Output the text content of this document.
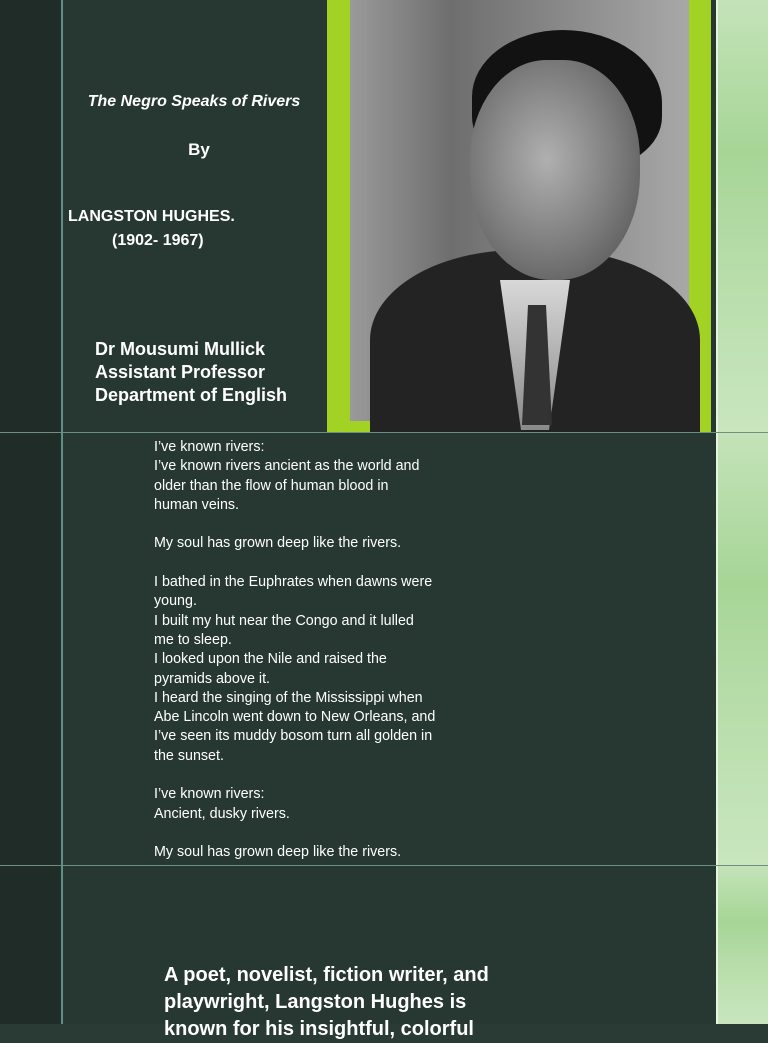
The Negro Speaks of Rivers
By
LANGSTON HUGHES.
(1902- 1967)
Dr Mousumi Mullick
Assistant Professor
Department of English
I’ve known rivers:
I’ve known rivers ancient as the world and
older than the flow of human blood in
human veins.
My soul has grown deep like the rivers.
I bathed in the Euphrates when dawns were
young.
I built my hut near the Congo and it lulled
me to sleep.
I looked upon the Nile and raised the
pyramids above it.
I heard the singing of the Mississippi when
Abe Lincoln went down to New Orleans, and
I’ve seen its muddy bosom turn all golden in
the sunset.
I’ve known rivers:
Ancient, dusky rivers.
My soul has grown deep like the rivers.
A poet, novelist, fiction writer, and
playwright, Langston Hughes is
known for his insightful, colorful
